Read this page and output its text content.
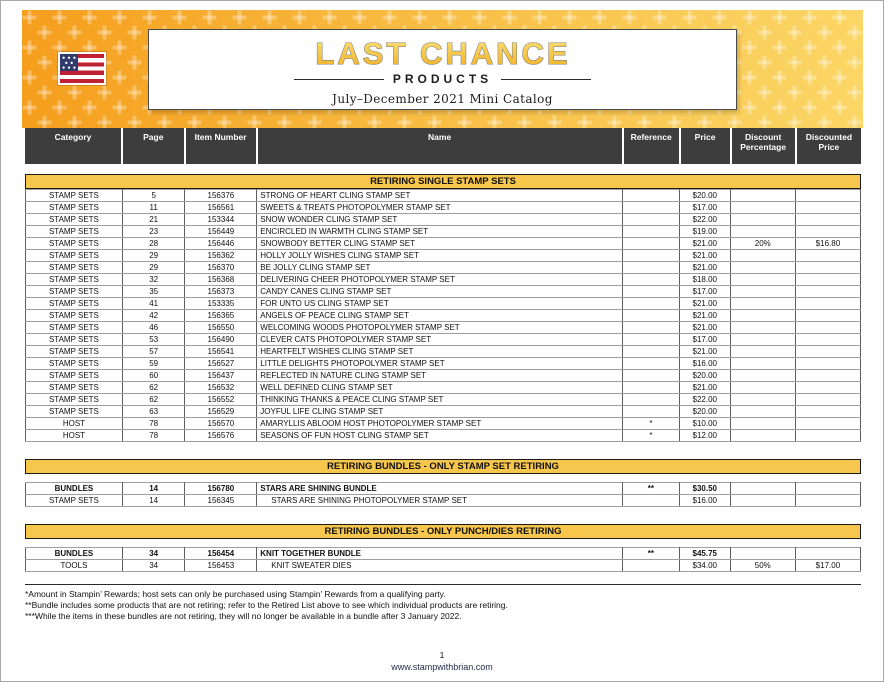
LAST CHANCE
PRODUCTS
July–December 2021 Mini Catalog
Category	Page	Item Number	Name	Reference	Price	Discount Percentage	Discounted Price
RETIRING SINGLE STAMP SETS
STAMP SETS	5	156376	STRONG OF HEART CLING STAMP SET		$20.00		
STAMP SETS	11	156561	SWEETS & TREATS PHOTOPOLYMER STAMP SET		$17.00		
STAMP SETS	21	153344	SNOW WONDER CLING STAMP SET		$22.00		
STAMP SETS	23	156449	ENCIRCLED IN WARMTH CLING STAMP SET		$19.00		
STAMP SETS	28	156446	SNOWBODY BETTER CLING STAMP SET		$21.00	20%	$16.80
STAMP SETS	29	156362	HOLLY JOLLY WISHES CLING STAMP SET		$21.00		
STAMP SETS	29	156370	BE JOLLY CLING STAMP SET		$21.00		
STAMP SETS	32	156368	DELIVERING CHEER PHOTOPOLYMER STAMP SET		$18.00		
STAMP SETS	35	156373	CANDY CANES CLING STAMP SET		$17.00		
STAMP SETS	41	153335	FOR UNTO US CLING STAMP SET		$21.00		
STAMP SETS	42	156365	ANGELS OF PEACE CLING STAMP SET		$21.00		
STAMP SETS	46	156550	WELCOMING WOODS PHOTOPOLYMER STAMP SET		$21.00		
STAMP SETS	53	156490	CLEVER CATS PHOTOPOLYMER STAMP SET		$17.00		
STAMP SETS	57	156541	HEARTFELT WISHES CLING STAMP SET		$21.00		
STAMP SETS	59	156527	LITTLE DELIGHTS PHOTOPOLYMER STAMP SET		$16.00		
STAMP SETS	60	156437	REFLECTED IN NATURE CLING STAMP SET		$20.00		
STAMP SETS	62	156532	WELL DEFINED CLING STAMP SET		$21.00		
STAMP SETS	62	156552	THINKING THANKS & PEACE CLING STAMP SET		$22.00		
STAMP SETS	63	156529	JOYFUL LIFE CLING STAMP SET		$20.00		
HOST	78	156570	AMARYLLIS ABLOOM HOST PHOTOPOLYMER STAMP SET	*	$10.00		
HOST	78	156576	SEASONS OF FUN HOST CLING STAMP SET	*	$12.00		
RETIRING BUNDLES - ONLY STAMP SET RETIRING
BUNDLES	14	156780	STARS ARE SHINING BUNDLE	**	$30.50		
STAMP SETS	14	156345	STARS ARE SHINING PHOTOPOLYMER STAMP SET		$16.00		
RETIRING BUNDLES - ONLY PUNCH/DIES RETIRING
BUNDLES	34	156454	KNIT TOGETHER BUNDLE	**	$45.75		
TOOLS	34	156453	KNIT SWEATER DIES		$34.00	50%	$17.00
*Amount in Stampin’ Rewards; host sets can only be purchased using Stampin’ Rewards from a qualifying party.
**Bundle includes some products that are not retiring; refer to the Retired List above to see which individual products are retiring.
***While the items in these bundles are not retiring, they will no longer be available in a bundle after 3 January 2022.
1
www.stampwithbrian.com
